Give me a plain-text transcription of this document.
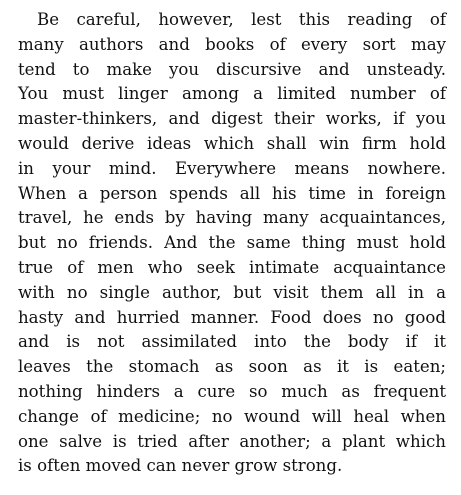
Be careful, however, lest this reading of
many authors and books of every sort may
tend to make you discursive and unsteady.
You must linger among a limited number of
master-thinkers, and digest their works, if you
would derive ideas which shall win firm hold
in your mind. Everywhere means nowhere.
When a person spends all his time in foreign
travel, he ends by having many acquaintances,
but no friends. And the same thing must hold
true of men who seek intimate acquaintance
with no single author, but visit them all in a
hasty and hurried manner. Food does no good
and is not assimilated into the body if it
leaves the stomach as soon as it is eaten;
nothing hinders a cure so much as frequent
change of medicine; no wound will heal when
one salve is tried after another; a plant which
is often moved can never grow strong.
